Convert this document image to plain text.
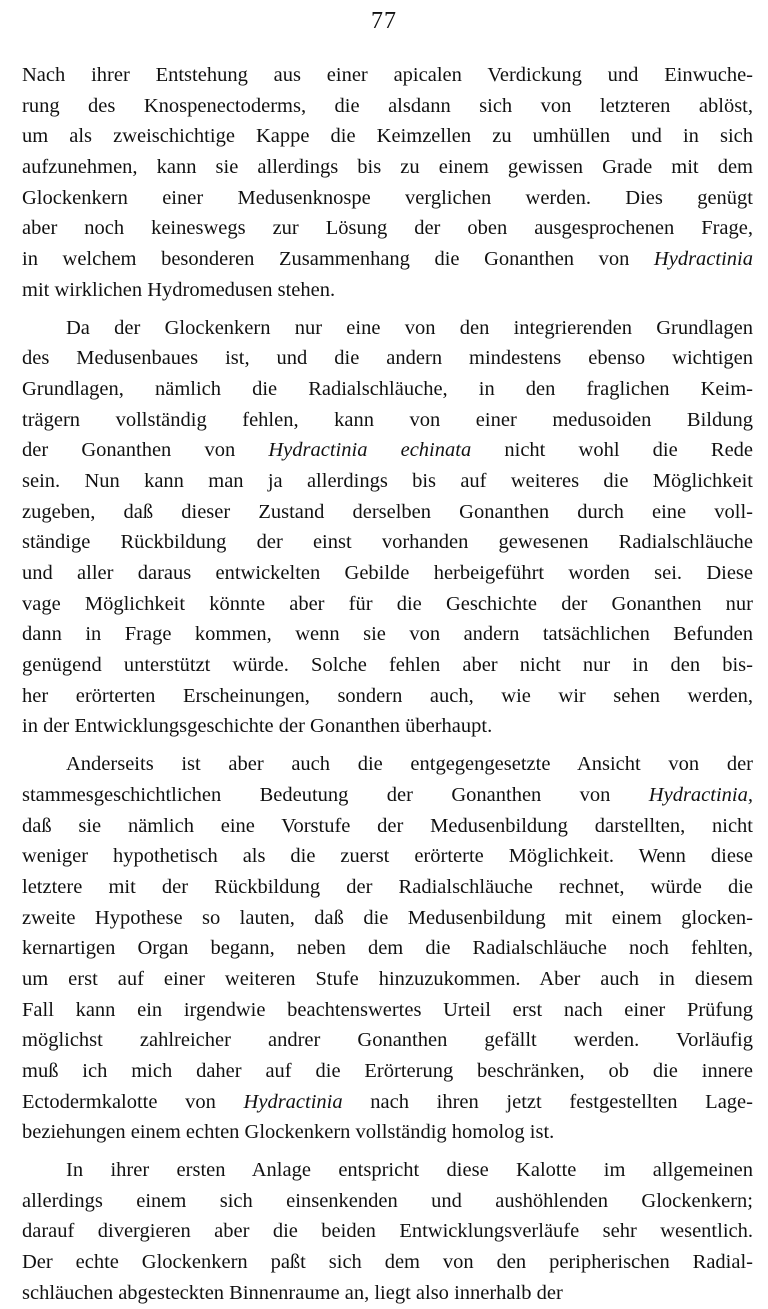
77
Nach ihrer Entstehung aus einer apicalen Verdickung und Einwuche-
rung des Knospenectoderms, die alsdann sich von letzteren ablöst,
um als zweischichtige Kappe die Keimzellen zu umhüllen und in sich
aufzunehmen, kann sie allerdings bis zu einem gewissen Grade mit dem
Glockenkern einer Medusenknospe verglichen werden. Dies genügt
aber noch keineswegs zur Lösung der oben ausgesprochenen Frage,
in welchem besonderen Zusammenhang die Gonanthen von Hydractinia
mit wirklichen Hydromedusen stehen.
Da der Glockenkern nur eine von den integrierenden Grundlagen
des Medusenbaues ist, und die andern mindestens ebenso wichtigen
Grundlagen, nämlich die Radialschläuche, in den fraglichen Keim-
trägern vollständig fehlen, kann von einer medusoiden Bildung
der Gonanthen von Hydractinia echinata nicht wohl die Rede
sein. Nun kann man ja allerdings bis auf weiteres die Möglichkeit
zugeben, daß dieser Zustand derselben Gonanthen durch eine voll-
ständige Rückbildung der einst vorhanden gewesenen Radialschläuche
und aller daraus entwickelten Gebilde herbeigeführt worden sei. Diese
vage Möglichkeit könnte aber für die Geschichte der Gonanthen nur
dann in Frage kommen, wenn sie von andern tatsächlichen Befunden
genügend unterstützt würde. Solche fehlen aber nicht nur in den bis-
her erörterten Erscheinungen, sondern auch, wie wir sehen werden,
in der Entwicklungsgeschichte der Gonanthen überhaupt.
Anderseits ist aber auch die entgegengesetzte Ansicht von der
stammesgeschichtlichen Bedeutung der Gonanthen von Hydractinia,
daß sie nämlich eine Vorstufe der Medusenbildung darstellten, nicht
weniger hypothetisch als die zuerst erörterte Möglichkeit. Wenn diese
letztere mit der Rückbildung der Radialschläuche rechnet, würde die
zweite Hypothese so lauten, daß die Medusenbildung mit einem glocken-
kernartigen Organ begann, neben dem die Radialschläuche noch fehlten,
um erst auf einer weiteren Stufe hinzuzukommen. Aber auch in diesem
Fall kann ein irgendwie beachtenswertes Urteil erst nach einer Prüfung
möglichst zahlreicher andrer Gonanthen gefällt werden. Vorläufig
muß ich mich daher auf die Erörterung beschränken, ob die innere
Ectodermkalotte von Hydractinia nach ihren jetzt festgestellten Lage-
beziehungen einem echten Glockenkern vollständig homolog ist.
In ihrer ersten Anlage entspricht diese Kalotte im allgemeinen
allerdings einem sich einsenkenden und aushöhlenden Glockenkern;
darauf divergieren aber die beiden Entwicklungsverläufe sehr wesentlich.
Der echte Glockenkern paßt sich dem von den peripherischen Radial-
schläuchen abgesteckten Binnenraume an, liegt also innerhalb der
